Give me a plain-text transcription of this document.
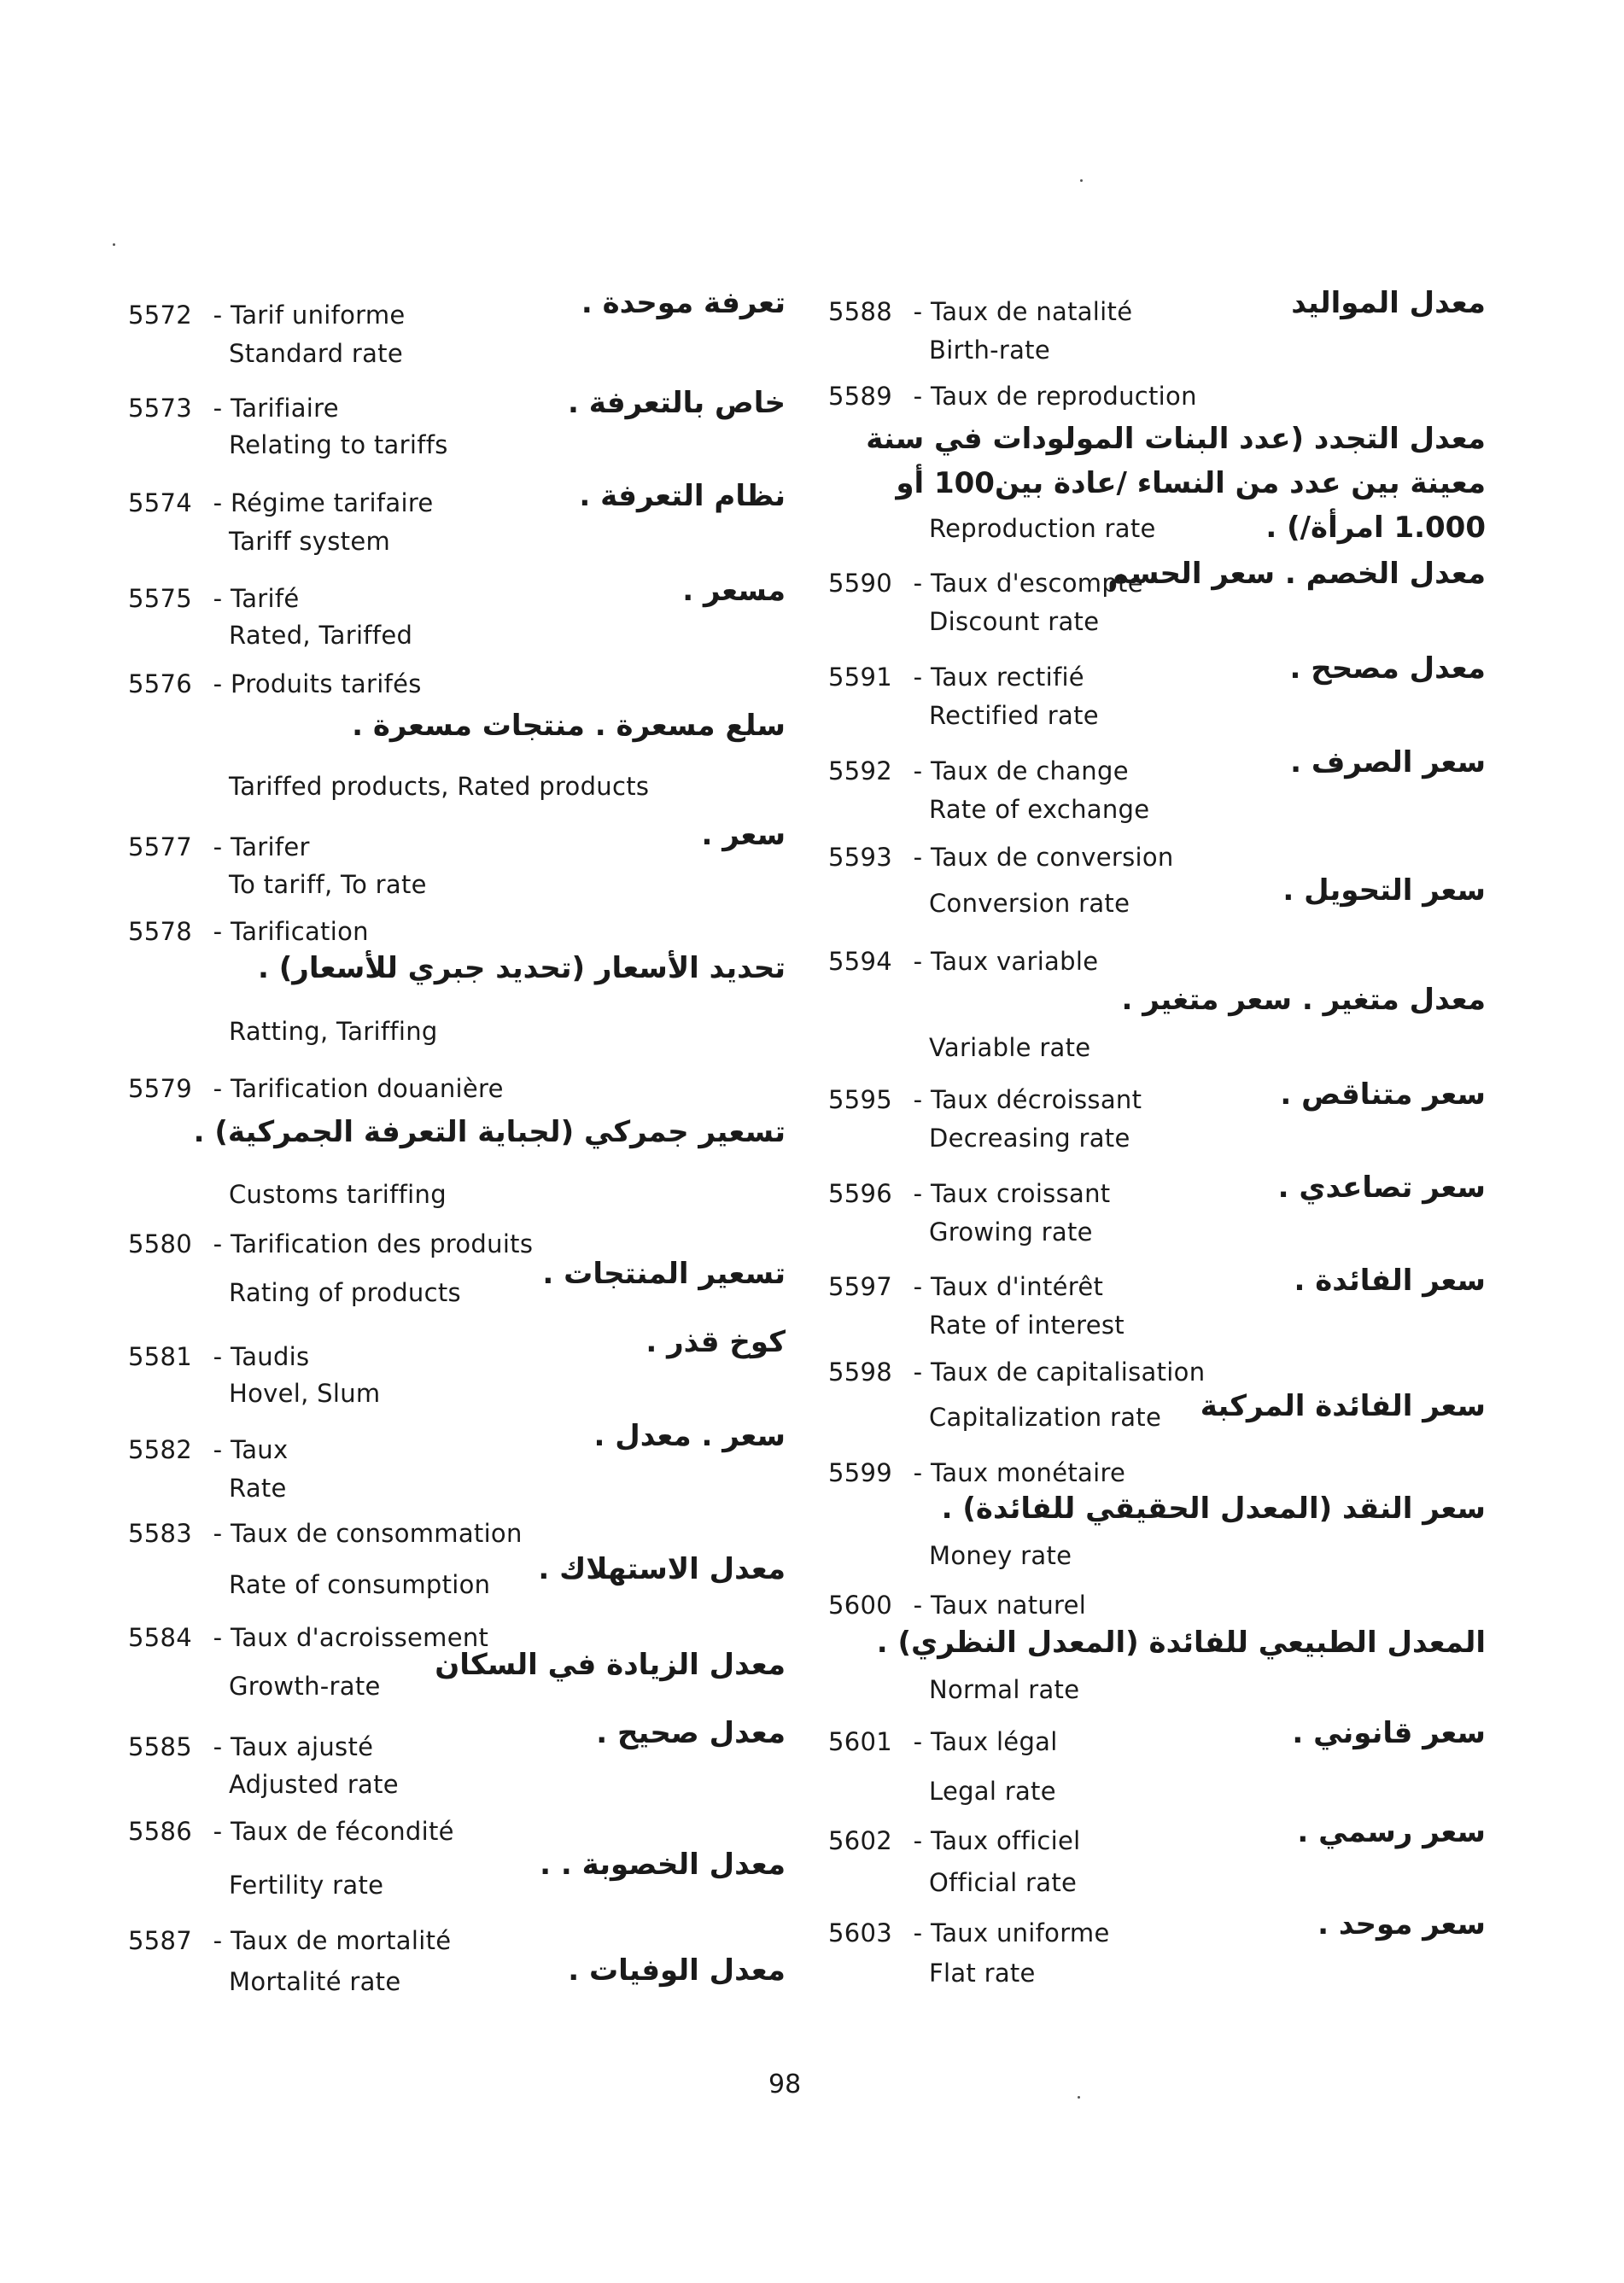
5572 - Tarif uniforme	تعرفة موحدة .
Standard rate
5573 - Tarifiaire	خاص بالتعرفة .
Relating to tariffs
5574 - Régime tarifaire	نظام التعرفة .
Tariff system
5575 - Tarifé	مسعر .
Rated, Tariffed
5576 - Produits tarifés
سلع مسعرة . منتجات مسعرة .
Tariffed products, Rated products
5577 - Tarifer	سعر .
To tariff, To rate
5578 - Tarification
تحديد الأسعار (تحديد جبري للأسعار) .
Ratting, Tariffing
5579 - Tarification douanière
تسعير جمركي (لجباية التعرفة الجمركية) .
Customs tariffing
5580 - Tarification des produits
تسعير المنتجات .
Rating of products
5581 - Taudis	كوخ قذر .
Hovel, Slum
5582 - Taux	سعر . معدل .
Rate
5583 - Taux de consommation
معدل الاستهلاك .
Rate of consumption
5584 - Taux d'acroissement
معدل الزيادة في السكان
Growth-rate
5585 - Taux ajusté	معدل صحيح .
Adjusted rate
5586 - Taux de fécondité
معدل الخصوبة . .
Fertility rate
5587 - Taux de mortalité
معدل الوفيات .
Mortalité rate
5588 - Taux de natalité	معدل المواليد
Birth-rate
5589 - Taux de reproduction
معدل التجدد (عدد البنات المولودات في سنة معينة بين عدد من النساء /عادة بين100 أو 1.000 امرأة/) .
Reproduction rate
5590 - Taux d'escompte
معدل الخصم . سعر الحسم
Discount rate
5591 - Taux rectifié	معدل مصحح .
Rectified rate
5592 - Taux de change	سعر الصرف .
Rate of exchange
5593 - Taux de conversion
سعر التحويل .
Conversion rate
5594 - Taux variable
معدل متغير . سعر متغير .
Variable rate
5595 - Taux décroissant	سعر متناقص .
Decreasing rate
5596 - Taux croissant	سعر تصاعدي .
Growing rate
5597 - Taux d'intérêt	سعر الفائدة .
Rate of interest
5598 - Taux de capitalisation
سعر الفائدة المركبة
Capitalization rate
5599 - Taux monétaire
سعر النقد (المعدل الحقيقي للفائدة) .
Money rate
5600 - Taux naturel
المعدل الطبيعي للفائدة (المعدل النظري) .
Normal rate
5601 - Taux légal	سعر قانوني .
Legal rate
5602 - Taux officiel	سعر رسمي .
Official rate
5603 - Taux uniforme	سعر موحد .
Flat rate
98
